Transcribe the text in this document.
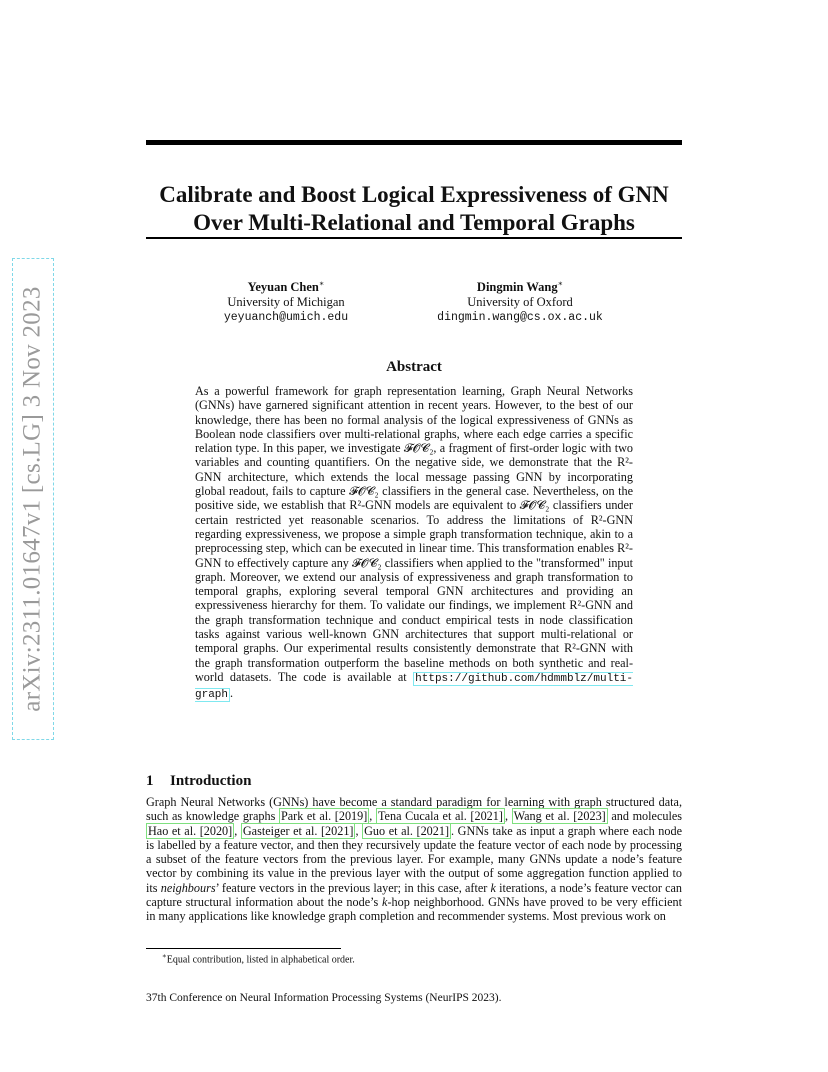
arXiv:2311.01647v1 [cs.LG] 3 Nov 2023
Calibrate and Boost Logical Expressiveness of GNN
Over Multi-Relational and Temporal Graphs
Yeyuan Chen∗
University of Michigan
yeyuanch@umich.edu
Dingmin Wang∗
University of Oxford
dingmin.wang@cs.ox.ac.uk
Abstract

As a powerful framework for graph representation learning, Graph Neural Networks (GNNs) have garnered significant attention in recent years. However, to the best of our knowledge, there has been no formal analysis of the logical expressiveness of GNNs as Boolean node classifiers over multi-relational graphs, where each edge carries a specific relation type. In this paper, we investigate 𝓕𝓞𝓒₂, a fragment of first-order logic with two variables and counting quantifiers. On the negative side, we demonstrate that the R²-GNN architecture, which extends the local message passing GNN by incorporating global readout, fails to capture 𝓕𝓞𝓒₂ classifiers in the general case. Nevertheless, on the positive side, we establish that R²-GNN models are equivalent to 𝓕𝓞𝓒₂ classifiers under certain restricted yet reasonable scenarios. To address the limitations of R²-GNN regarding expressiveness, we propose a simple graph transformation technique, akin to a preprocessing step, which can be executed in linear time. This transformation enables R²-GNN to effectively capture any 𝓕𝓞𝓒₂ classifiers when applied to the "transformed" input graph. Moreover, we extend our analysis of expressiveness and graph transformation to temporal graphs, exploring several temporal GNN architectures and providing an expressiveness hierarchy for them. To validate our findings, we implement R²-GNN and the graph transformation technique and conduct empirical tests in node classification tasks against various well-known GNN architectures that support multi-relational or temporal graphs. Our experimental results consistently demonstrate that R²-GNN with the graph transformation outperform the baseline methods on both synthetic and real-world datasets. The code is available at https://github.com/hdmmblz/multi-graph .

1 Introduction

Graph Neural Networks (GNNs) have become a standard paradigm for learning with graph structured data, such as knowledge graphs Park et al. [2019] , Tena Cucala et al. [2021] , Wang et al. [2023] and molecules Hao et al. [2020] , Gasteiger et al. [2021] , Guo et al. [2021] . GNNs take as input a graph where each node is labelled by a feature vector, and then they recursively update the feature vector of each node by processing a subset of the feature vectors from the previous layer. For example, many GNNs update a node’s feature vector by combining its value in the previous layer with the output of some aggregation function applied to its neighbours’ feature vectors in the previous layer; in this case, after k iterations, a node’s feature vector can capture structural information about the node’s k-hop neighborhood. GNNs have proved to be very efficient in many applications like knowledge graph completion and recommender systems. Most previous work on

∗Equal contribution, listed in alphabetical order.
37th Conference on Neural Information Processing Systems (NeurIPS 2023).
